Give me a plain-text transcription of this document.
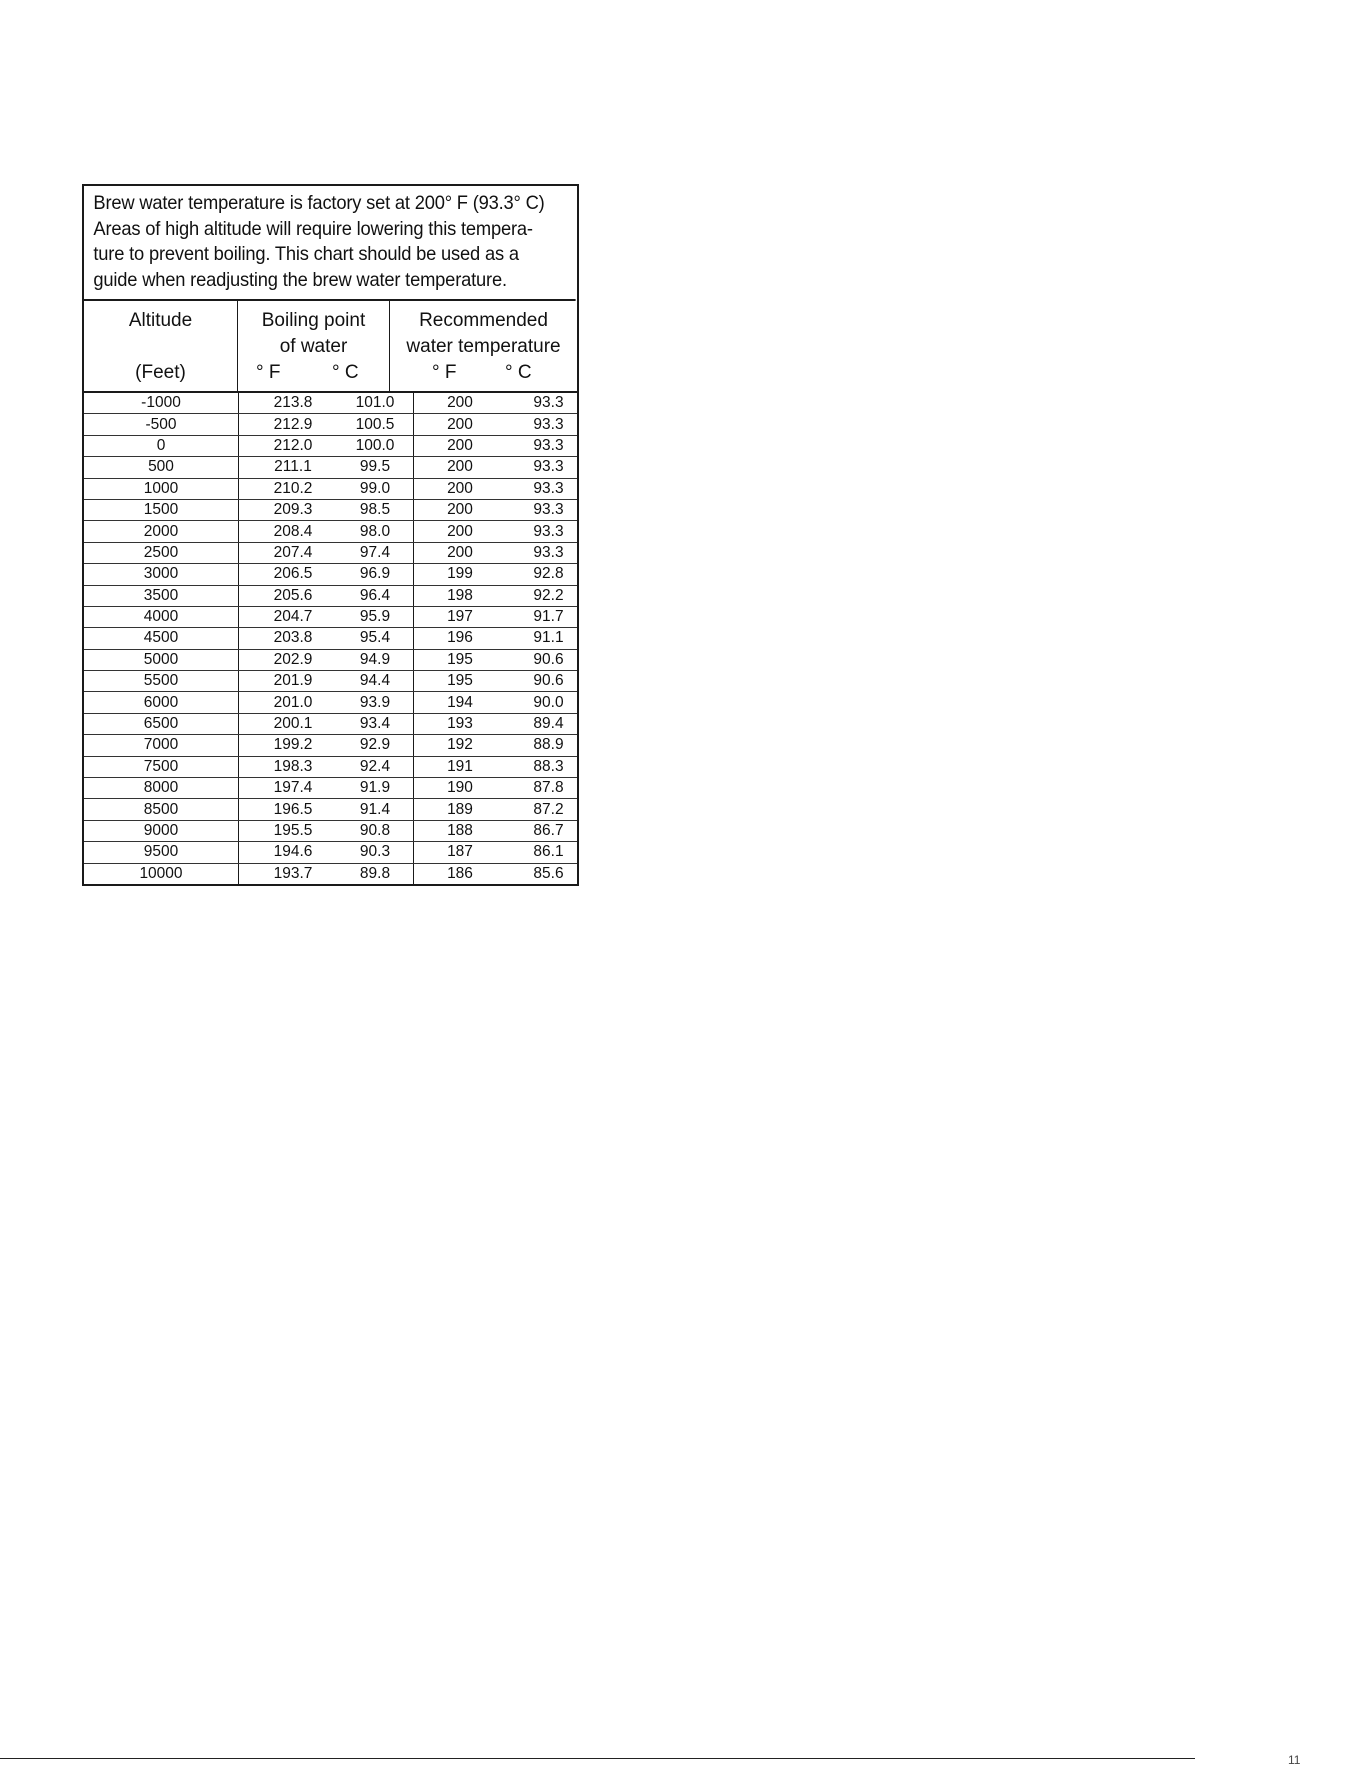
Brew water temperature is factory set at 200° F (93.3° C)
Areas of high altitude will require lowering this tempera-
ture to prevent boiling. This chart should be used as a
guide when readjusting the brew water temperature.
Altitude
(Feet)
Boiling point
of water
° F	° C
Recommended
water temperature
° F	° C
-1000	213.8	101.0	200	93.3
-500	212.9	100.5	200	93.3
0	212.0	100.0	200	93.3
500	211.1	99.5	200	93.3
1000	210.2	99.0	200	93.3
1500	209.3	98.5	200	93.3
2000	208.4	98.0	200	93.3
2500	207.4	97.4	200	93.3
3000	206.5	96.9	199	92.8
3500	205.6	96.4	198	92.2
4000	204.7	95.9	197	91.7
4500	203.8	95.4	196	91.1
5000	202.9	94.9	195	90.6
5500	201.9	94.4	195	90.6
6000	201.0	93.9	194	90.0
6500	200.1	93.4	193	89.4
7000	199.2	92.9	192	88.9
7500	198.3	92.4	191	88.3
8000	197.4	91.9	190	87.8
8500	196.5	91.4	189	87.2
9000	195.5	90.8	188	86.7
9500	194.6	90.3	187	86.1
10000	193.7	89.8	186	85.6
11
